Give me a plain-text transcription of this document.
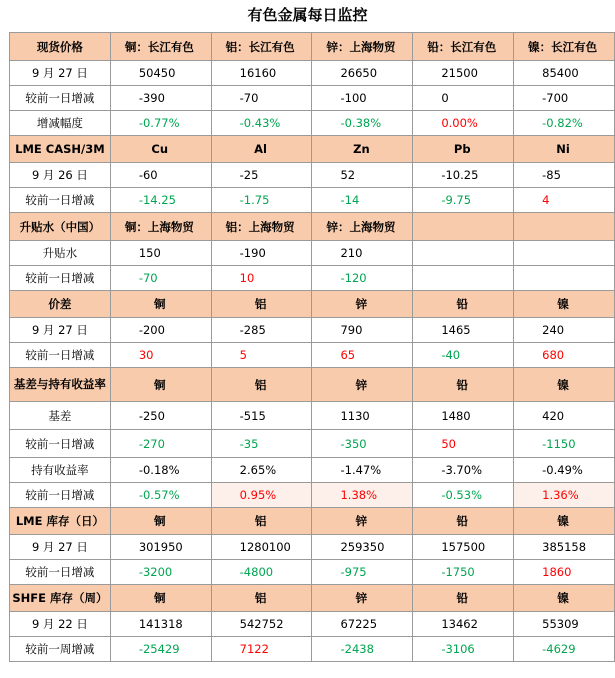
有色金属每日监控
现货价格	铜：长江有色	铝：长江有色	锌：上海物贸	铅：长江有色	镍：长江有色
9 月 27 日	50450	16160	26650	21500	85400
较前一日增减	-390	-70	-100	0	-700
增减幅度	-0.77%	-0.43%	-0.38%	0.00%	-0.82%
LME CASH/3M	Cu	Al	Zn	Pb	Ni
9 月 26 日	-60	-25	52	-10.25	-85
较前一日增减	-14.25	-1.75	-14	-9.75	4
升贴水（中国）	铜：上海物贸	铝：上海物贸	锌：上海物贸		
升贴水	150	-190	210		
较前一日增减	-70	10	-120		
价差	铜	铝	锌	铅	镍
9 月 27 日	-200	-285	790	1465	240
较前一日增减	30	5	65	-40	680
基差与持有收益率	铜	铝	锌	铅	镍
基差	-250	-515	1130	1480	420
较前一日增减	-270	-35	-350	50	-1150
持有收益率	-0.18%	2.65%	-1.47%	-3.70%	-0.49%
较前一日增减	-0.57%	0.95%	1.38%	-0.53%	1.36%
LME 库存（日）	铜	铝	锌	铅	镍
9 月 27 日	301950	1280100	259350	157500	385158
较前一日增减	-3200	-4800	-975	-1750	1860
SHFE 库存（周）	铜	铝	锌	铅	镍
9 月 22 日	141318	542752	67225	13462	55309
较前一周增减	-25429	7122	-2438	-3106	-4629
